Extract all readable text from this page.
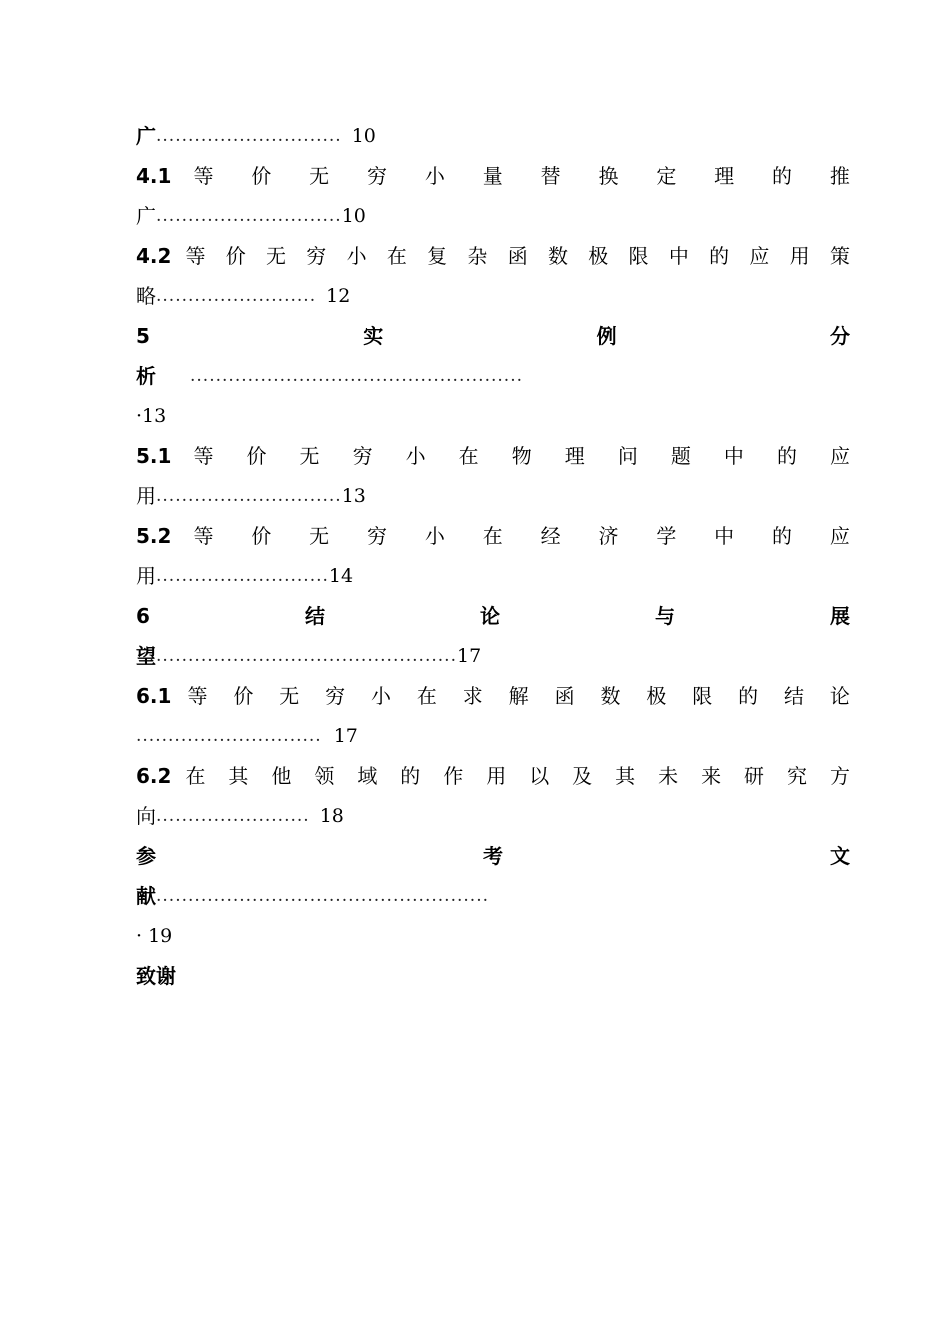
广 ............................. 10
4.1 等 价 无 穷 小 量 替 换 定 理 的 推
广 ............................. 10
4.2 等 价 无 穷 小 在 复 杂 函 数 极 限 中 的 应 用 策
略 ......................... 12
5	实	例	分
析 ....................................................
·13
5.1 等 价 无 穷 小 在 物 理 问 题 中 的 应
用 ............................. 13
5.2 等 价 无 穷 小 在 经 济 学 中 的 应
用 ........................... 14
6	结	论	与	展
望 ............................................... 17
6.1 等 价 无 穷 小 在 求 解 函 数 极 限 的 结 论
............................. 17
6.2 在 其 他 领 域 的 作 用 以 及 其 未 来 研 究 方
向 ........................ 18
参	考	文
献 ....................................................
· 19
致谢
